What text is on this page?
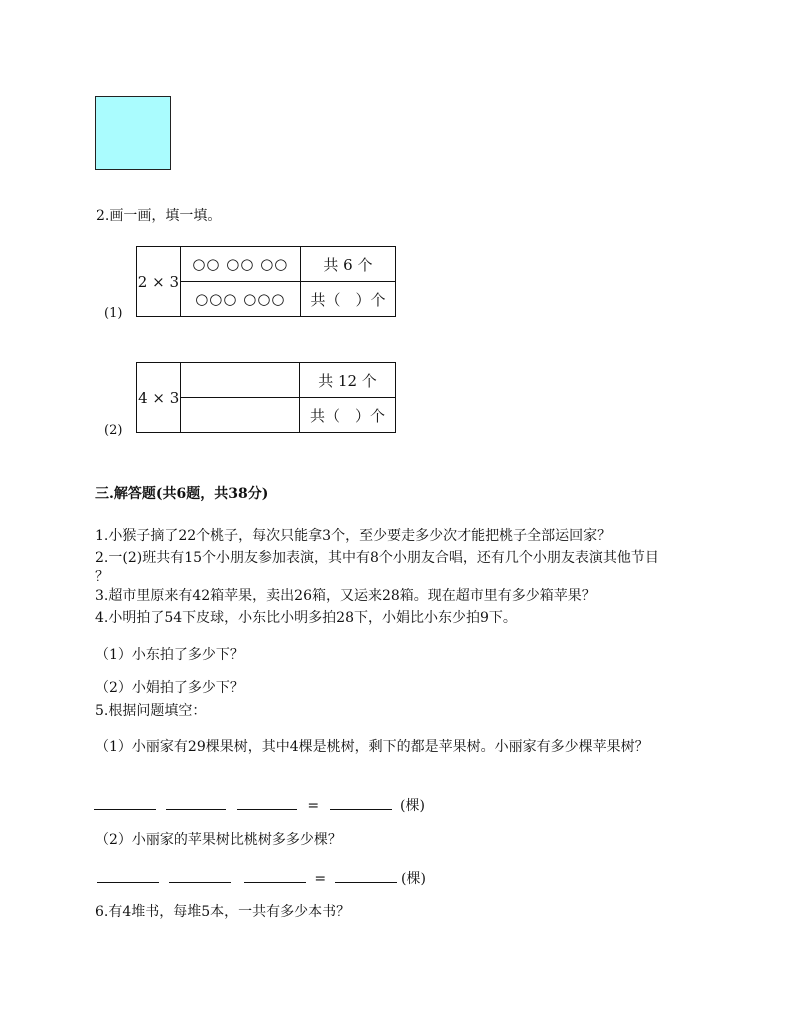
2.画一画，填一填。
(1)
2 × 3	○○ ○○ ○○	共 6 个
	○○○ ○○○	共（　）个
(2)
4 × 3		共 12 个
		共（　）个
三.解答题(共6题，共38分)
1.小猴子摘了22个桃子，每次只能拿3个，至少要走多少次才能把桃子全部运回家？
2.一(2)班共有15个小朋友参加表演，其中有8个小朋友合唱，还有几个小朋友表演其他节目
？
3.超市里原来有42箱苹果，卖出26箱，又运来28箱。现在超市里有多少箱苹果？
4.小明拍了54下皮球，小东比小明多拍28下，小娟比小东少拍9下。
（1）小东拍了多少下？
（2）小娟拍了多少下？
5.根据问题填空：
（1）小丽家有29棵果树，其中4棵是桃树，剩下的都是苹果树。小丽家有多少棵苹果树？
=	(棵)
（2）小丽家的苹果树比桃树多多少棵？
=	(棵)
6.有4堆书，每堆5本，一共有多少本书？
